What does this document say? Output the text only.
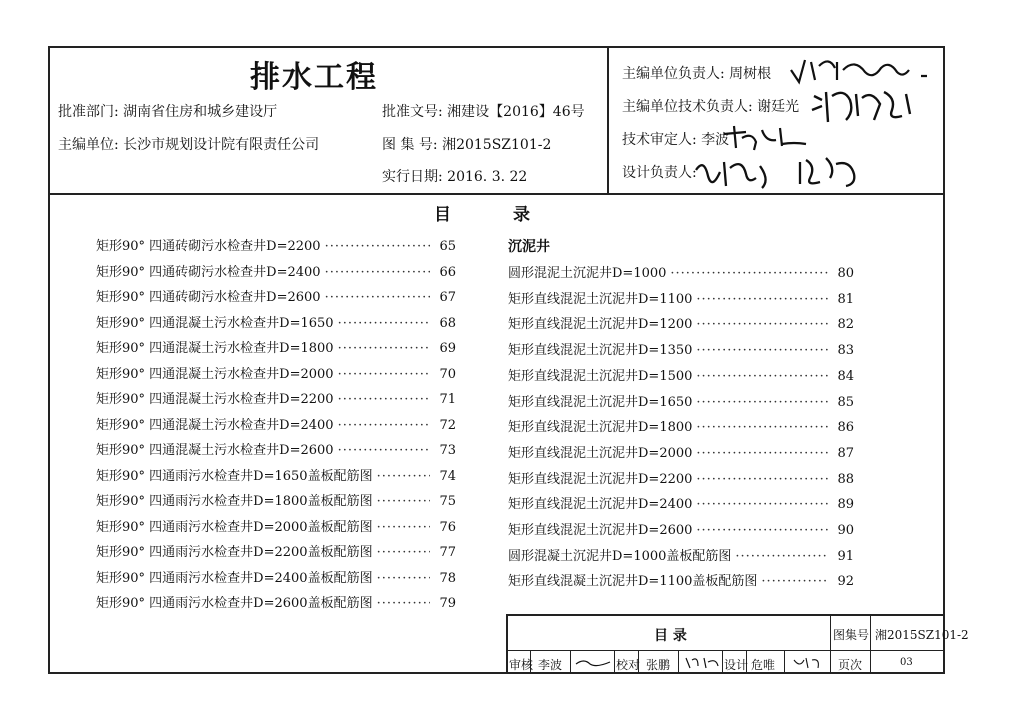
排水工程
批准部门: 湖南省住房和城乡建设厅
主编单位: 长沙市规划设计院有限责任公司
批准文号: 湘建设【2016】46号
图 集 号: 湘2015SZ101-2
实行日期: 2016. 3. 22
主编单位负责人: 周树根
主编单位技术负责人: 谢廷光
技术审定人: 李波
设计负责人:
目	录
矩形90° 四通砖砌污水检查井D=2200 ·····	65
矩形90° 四通砖砌污水检查井D=2400 ·····	66
矩形90° 四通砖砌污水检查井D=2600 ·····	67
矩形90° 四通混凝土污水检查井D=1650 ·····	68
矩形90° 四通混凝土污水检查井D=1800 ·····	69
矩形90° 四通混凝土污水检查井D=2000 ·····	70
矩形90° 四通混凝土污水检查井D=2200 ·····	71
矩形90° 四通混凝土污水检查井D=2400 ·····	72
矩形90° 四通混凝土污水检查井D=2600 ·····	73
矩形90° 四通雨污水检查井D=1650盖板配筋图 ·····	74
矩形90° 四通雨污水检查井D=1800盖板配筋图 ·····	75
矩形90° 四通雨污水检查井D=2000盖板配筋图 ·····	76
矩形90° 四通雨污水检查井D=2200盖板配筋图 ·····	77
矩形90° 四通雨污水检查井D=2400盖板配筋图 ·····	78
矩形90° 四通雨污水检查井D=2600盖板配筋图 ·····	79
沉泥井
圆形混泥土沉泥井D=1000 ·····	80
矩形直线混泥土沉泥井D=1100 ·····	81
矩形直线混泥土沉泥井D=1200 ·····	82
矩形直线混泥土沉泥井D=1350 ·····	83
矩形直线混泥土沉泥井D=1500 ·····	84
矩形直线混泥土沉泥井D=1650 ·····	85
矩形直线混泥土沉泥井D=1800 ·····	86
矩形直线混泥土沉泥井D=2000 ·····	87
矩形直线混泥土沉泥井D=2200 ·····	88
矩形直线混泥土沉泥井D=2400 ·····	89
矩形直线混泥土沉泥井D=2600 ·····	90
圆形混凝土沉泥井D=1000盖板配筋图 ·····	91
矩形直线混凝土沉泥井D=1100盖板配筋图 ·····	92
目 录	图集号 湘2015SZ101-2
审核 李波	校对 张鹏	设计 危唯	页次	03
